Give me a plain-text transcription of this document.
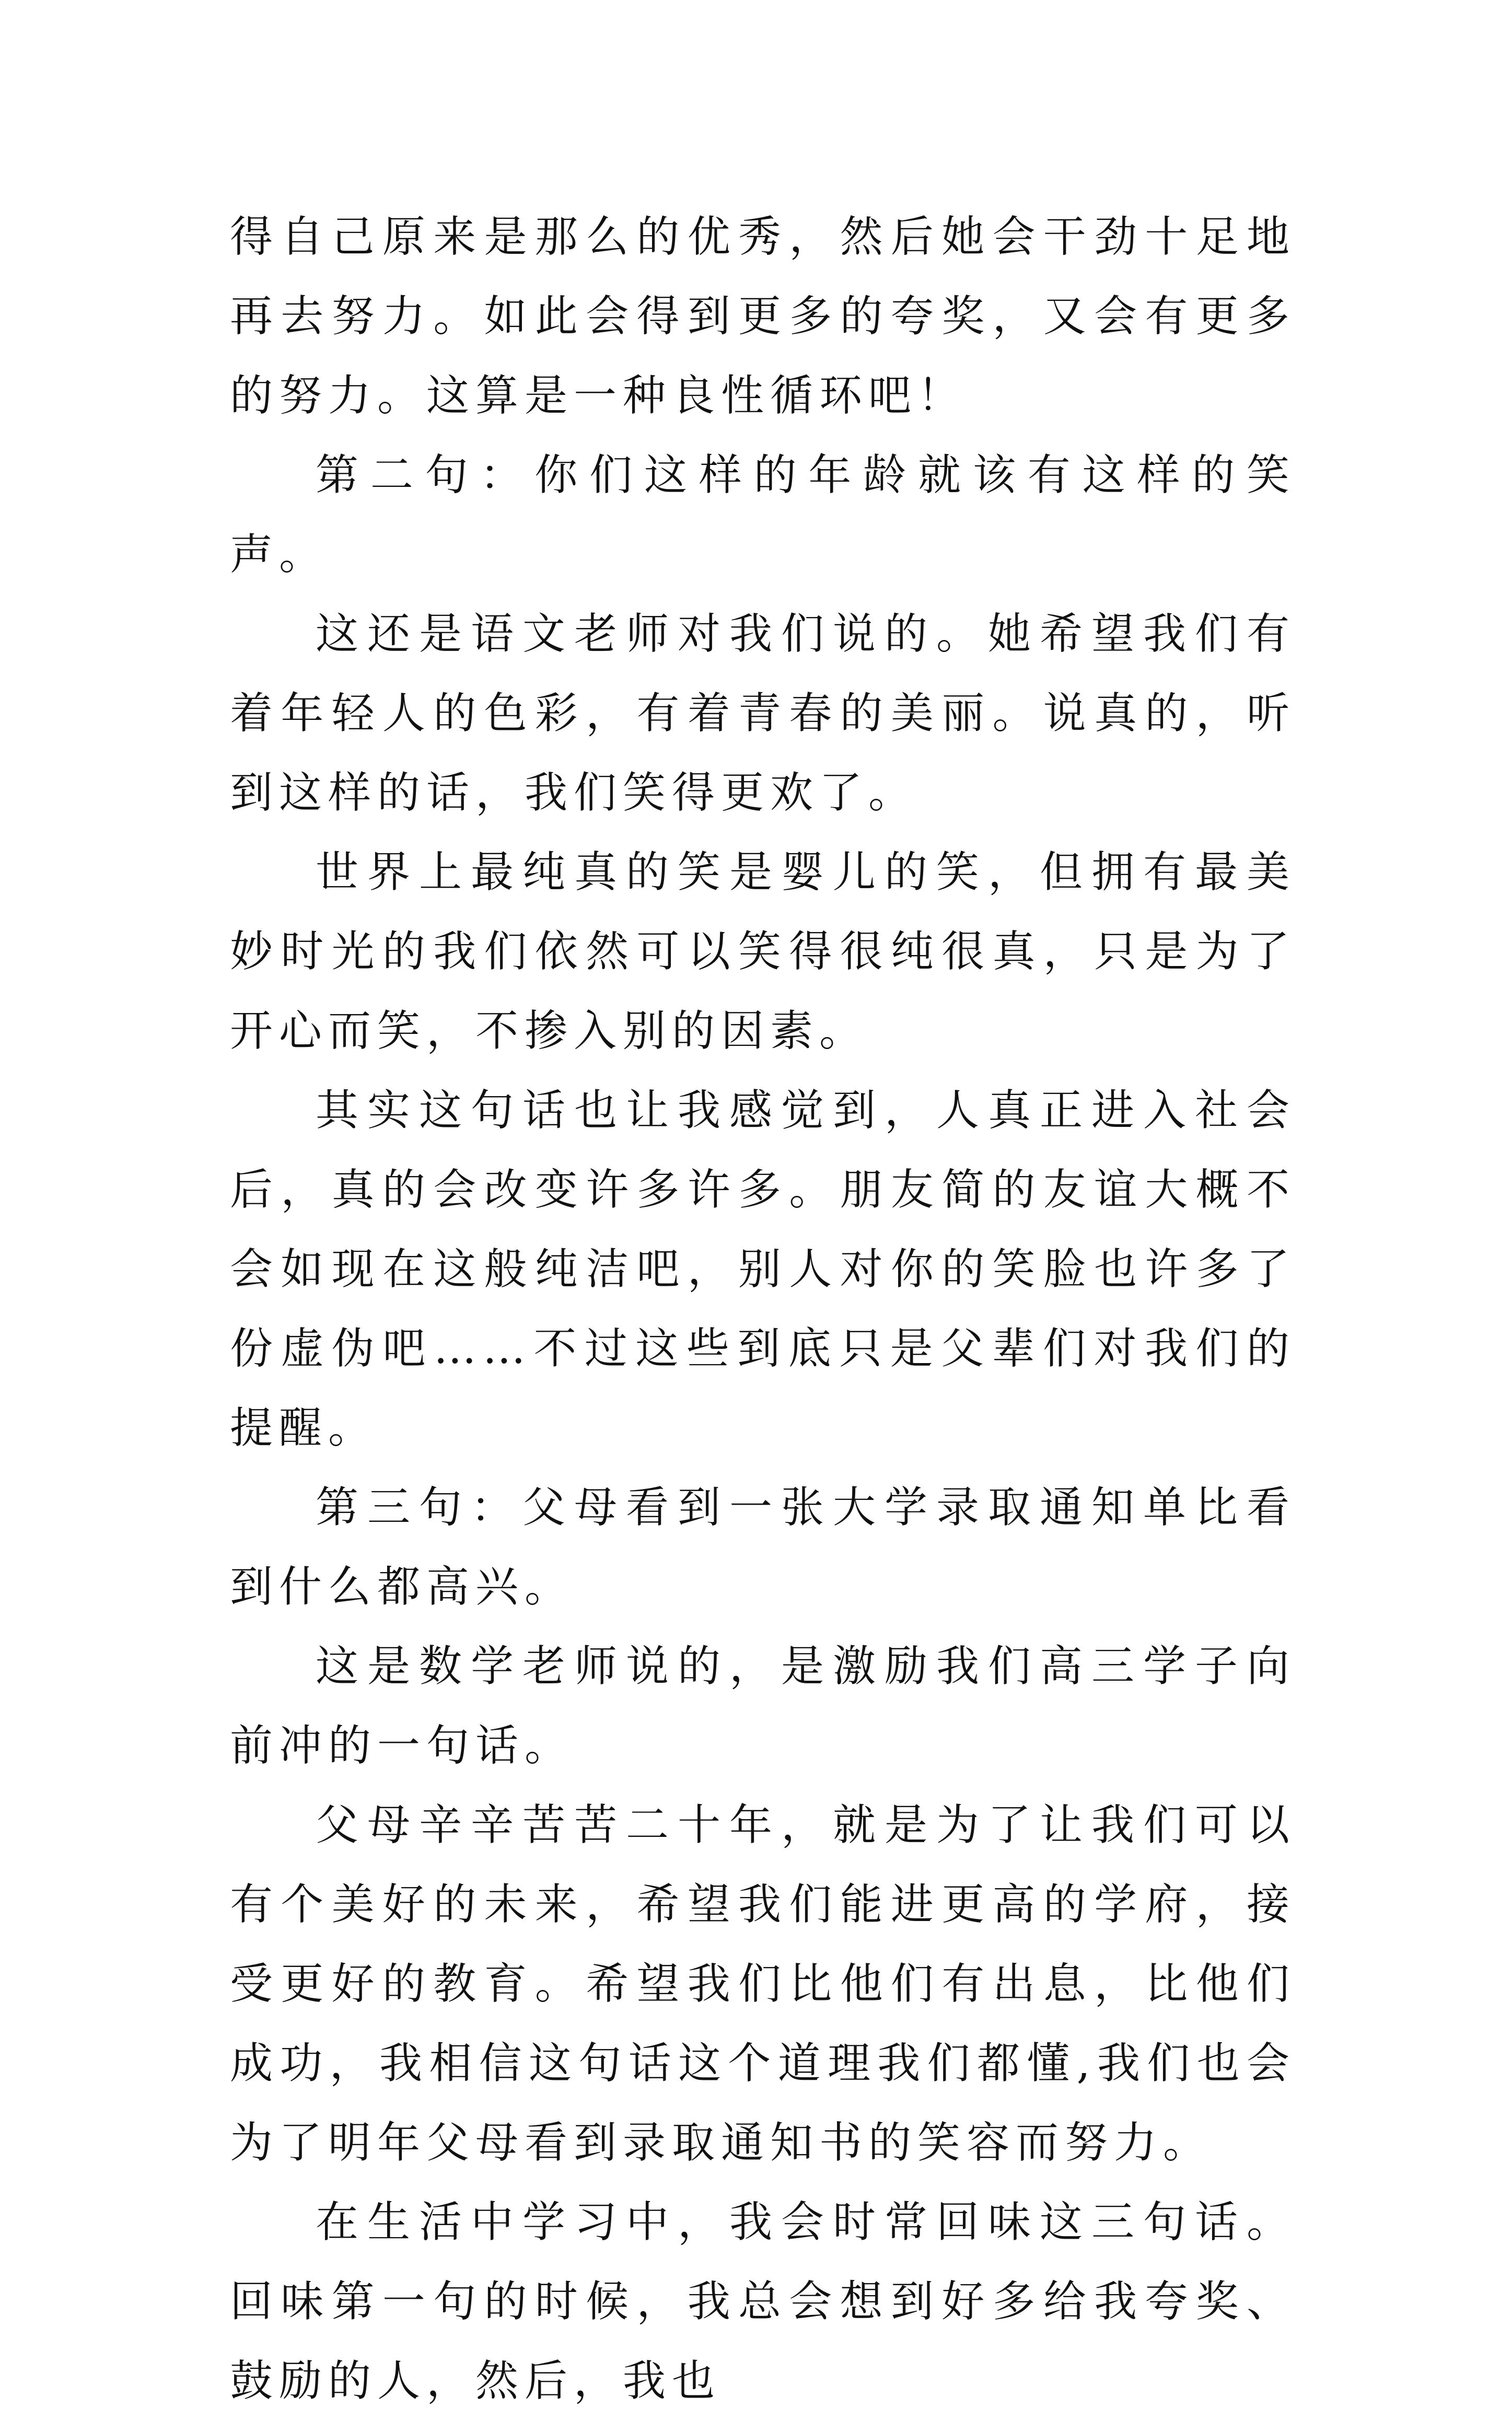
得自己原来是那么的优秀，然后她会干劲十足地再去努力。如此会得到更多的夸奖，又会有更多的努力。这算是一种良性循环吧！

第二句：你们这样的年龄就该有这样的笑声。

这还是语文老师对我们说的。她希望我们有着年轻人的色彩，有着青春的美丽。说真的，听到这样的话，我们笑得更欢了。

世界上最纯真的笑是婴儿的笑，但拥有最美妙时光的我们依然可以笑得很纯很真，只是为了开心而笑，不掺入别的因素。

其实这句话也让我感觉到，人真正进入社会后，真的会改变许多许多。朋友简的友谊大概不会如现在这般纯洁吧，别人对你的笑脸也许多了份虚伪吧……不过这些到底只是父辈们对我们的提醒。

第三句：父母看到一张大学录取通知单比看到什么都高兴。

这是数学老师说的，是激励我们高三学子向前冲的一句话。

父母辛辛苦苦二十年，就是为了让我们可以有个美好的未来，希望我们能进更高的学府，接受更好的教育。希望我们比他们有出息，比他们成功，我相信这句话这个道理我们都懂,我们也会为了明年父母看到录取通知书的笑容而努力。

在生活中学习中，我会时常回味这三句话。回味第一句的时候，我总会想到好多给我夸奖、鼓励的人，然后，我也
